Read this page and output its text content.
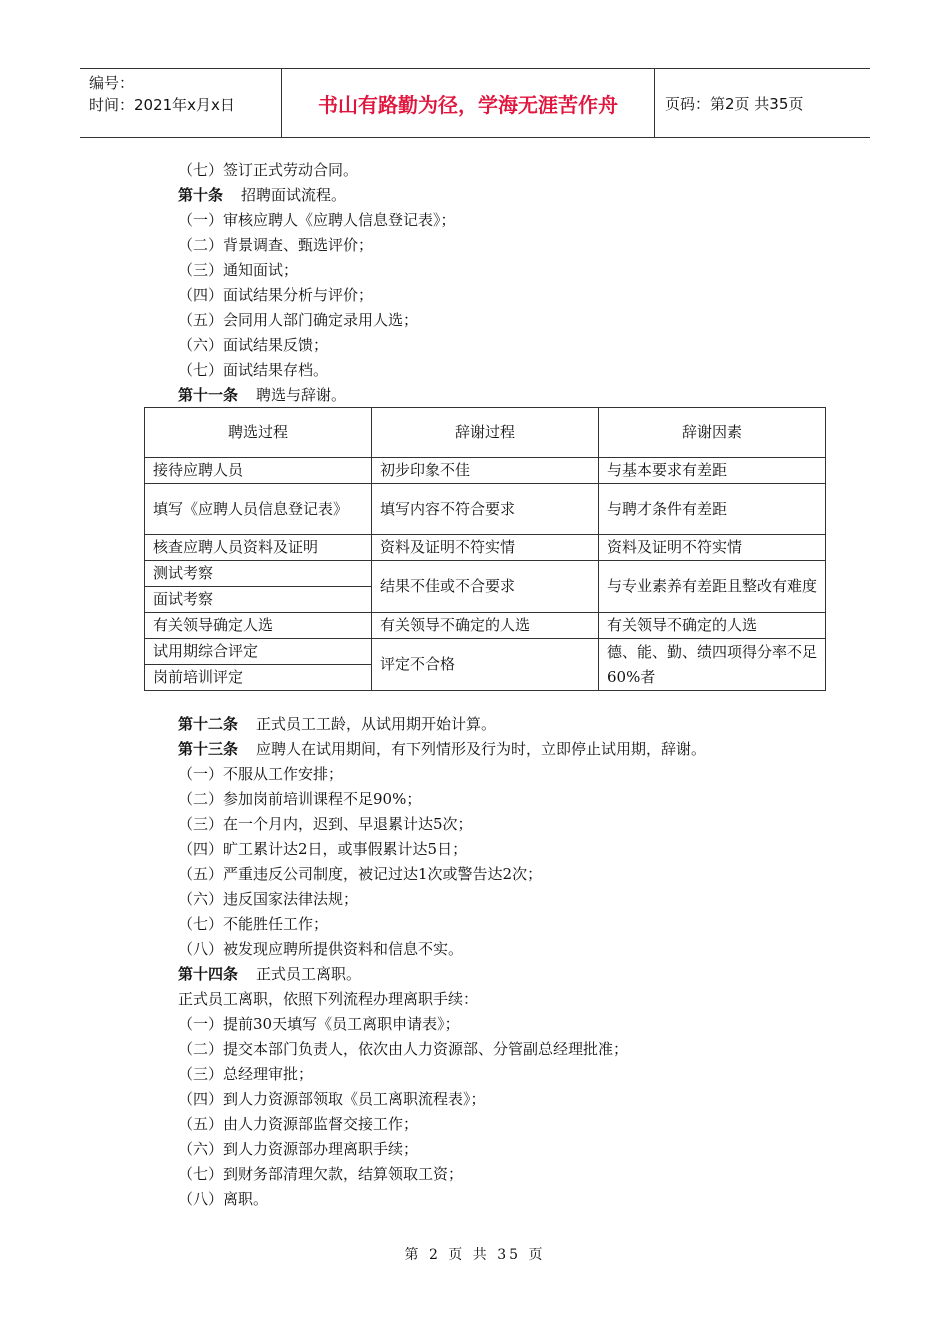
编号：
时间：2021年x月x日	书山有路勤为径，学海无涯苦作舟	页码：第2页 共35页
（七）签订正式劳动合同。
第十条 招聘面试流程。
（一）审核应聘人《应聘人信息登记表》；
（二）背景调查、甄选评价；
（三）通知面试；
（四）面试结果分析与评价；
（五）会同用人部门确定录用人选；
（六）面试结果反馈；
（七）面试结果存档。
第十一条 聘选与辞谢。
聘选过程	辞谢过程	辞谢因素
接待应聘人员	初步印象不佳	与基本要求有差距
填写《应聘人员信息登记表》	填写内容不符合要求	与聘才条件有差距
核查应聘人员资料及证明	资料及证明不符实情	资料及证明不符实情
测试考察	结果不佳或不合要求	与专业素养有差距且整改有难度
面试考察		
有关领导确定人选	有关领导不确定的人选	有关领导不确定的人选
试用期综合评定	评定不合格	德、能、勤、绩四项得分率不足60%者
岗前培训评定		
第十二条 正式员工工龄，从试用期开始计算。
第十三条 应聘人在试用期间，有下列情形及行为时，立即停止试用期，辞谢。
（一）不服从工作安排；
（二）参加岗前培训课程不足90%；
（三）在一个月内，迟到、早退累计达5次；
（四）旷工累计达2日，或事假累计达5日；
（五）严重违反公司制度，被记过达1次或警告达2次；
（六）违反国家法律法规；
（七）不能胜任工作；
（八）被发现应聘所提供资料和信息不实。
第十四条 正式员工离职。
正式员工离职，依照下列流程办理离职手续：
（一）提前30天填写《员工离职申请表》；
（二）提交本部门负责人，依次由人力资源部、分管副总经理批准；
（三）总经理审批；
（四）到人力资源部领取《员工离职流程表》；
（五）由人力资源部监督交接工作；
（六）到人力资源部办理离职手续；
（七）到财务部清理欠款，结算领取工资；
（八）离职。
第 2 页 共 35 页
